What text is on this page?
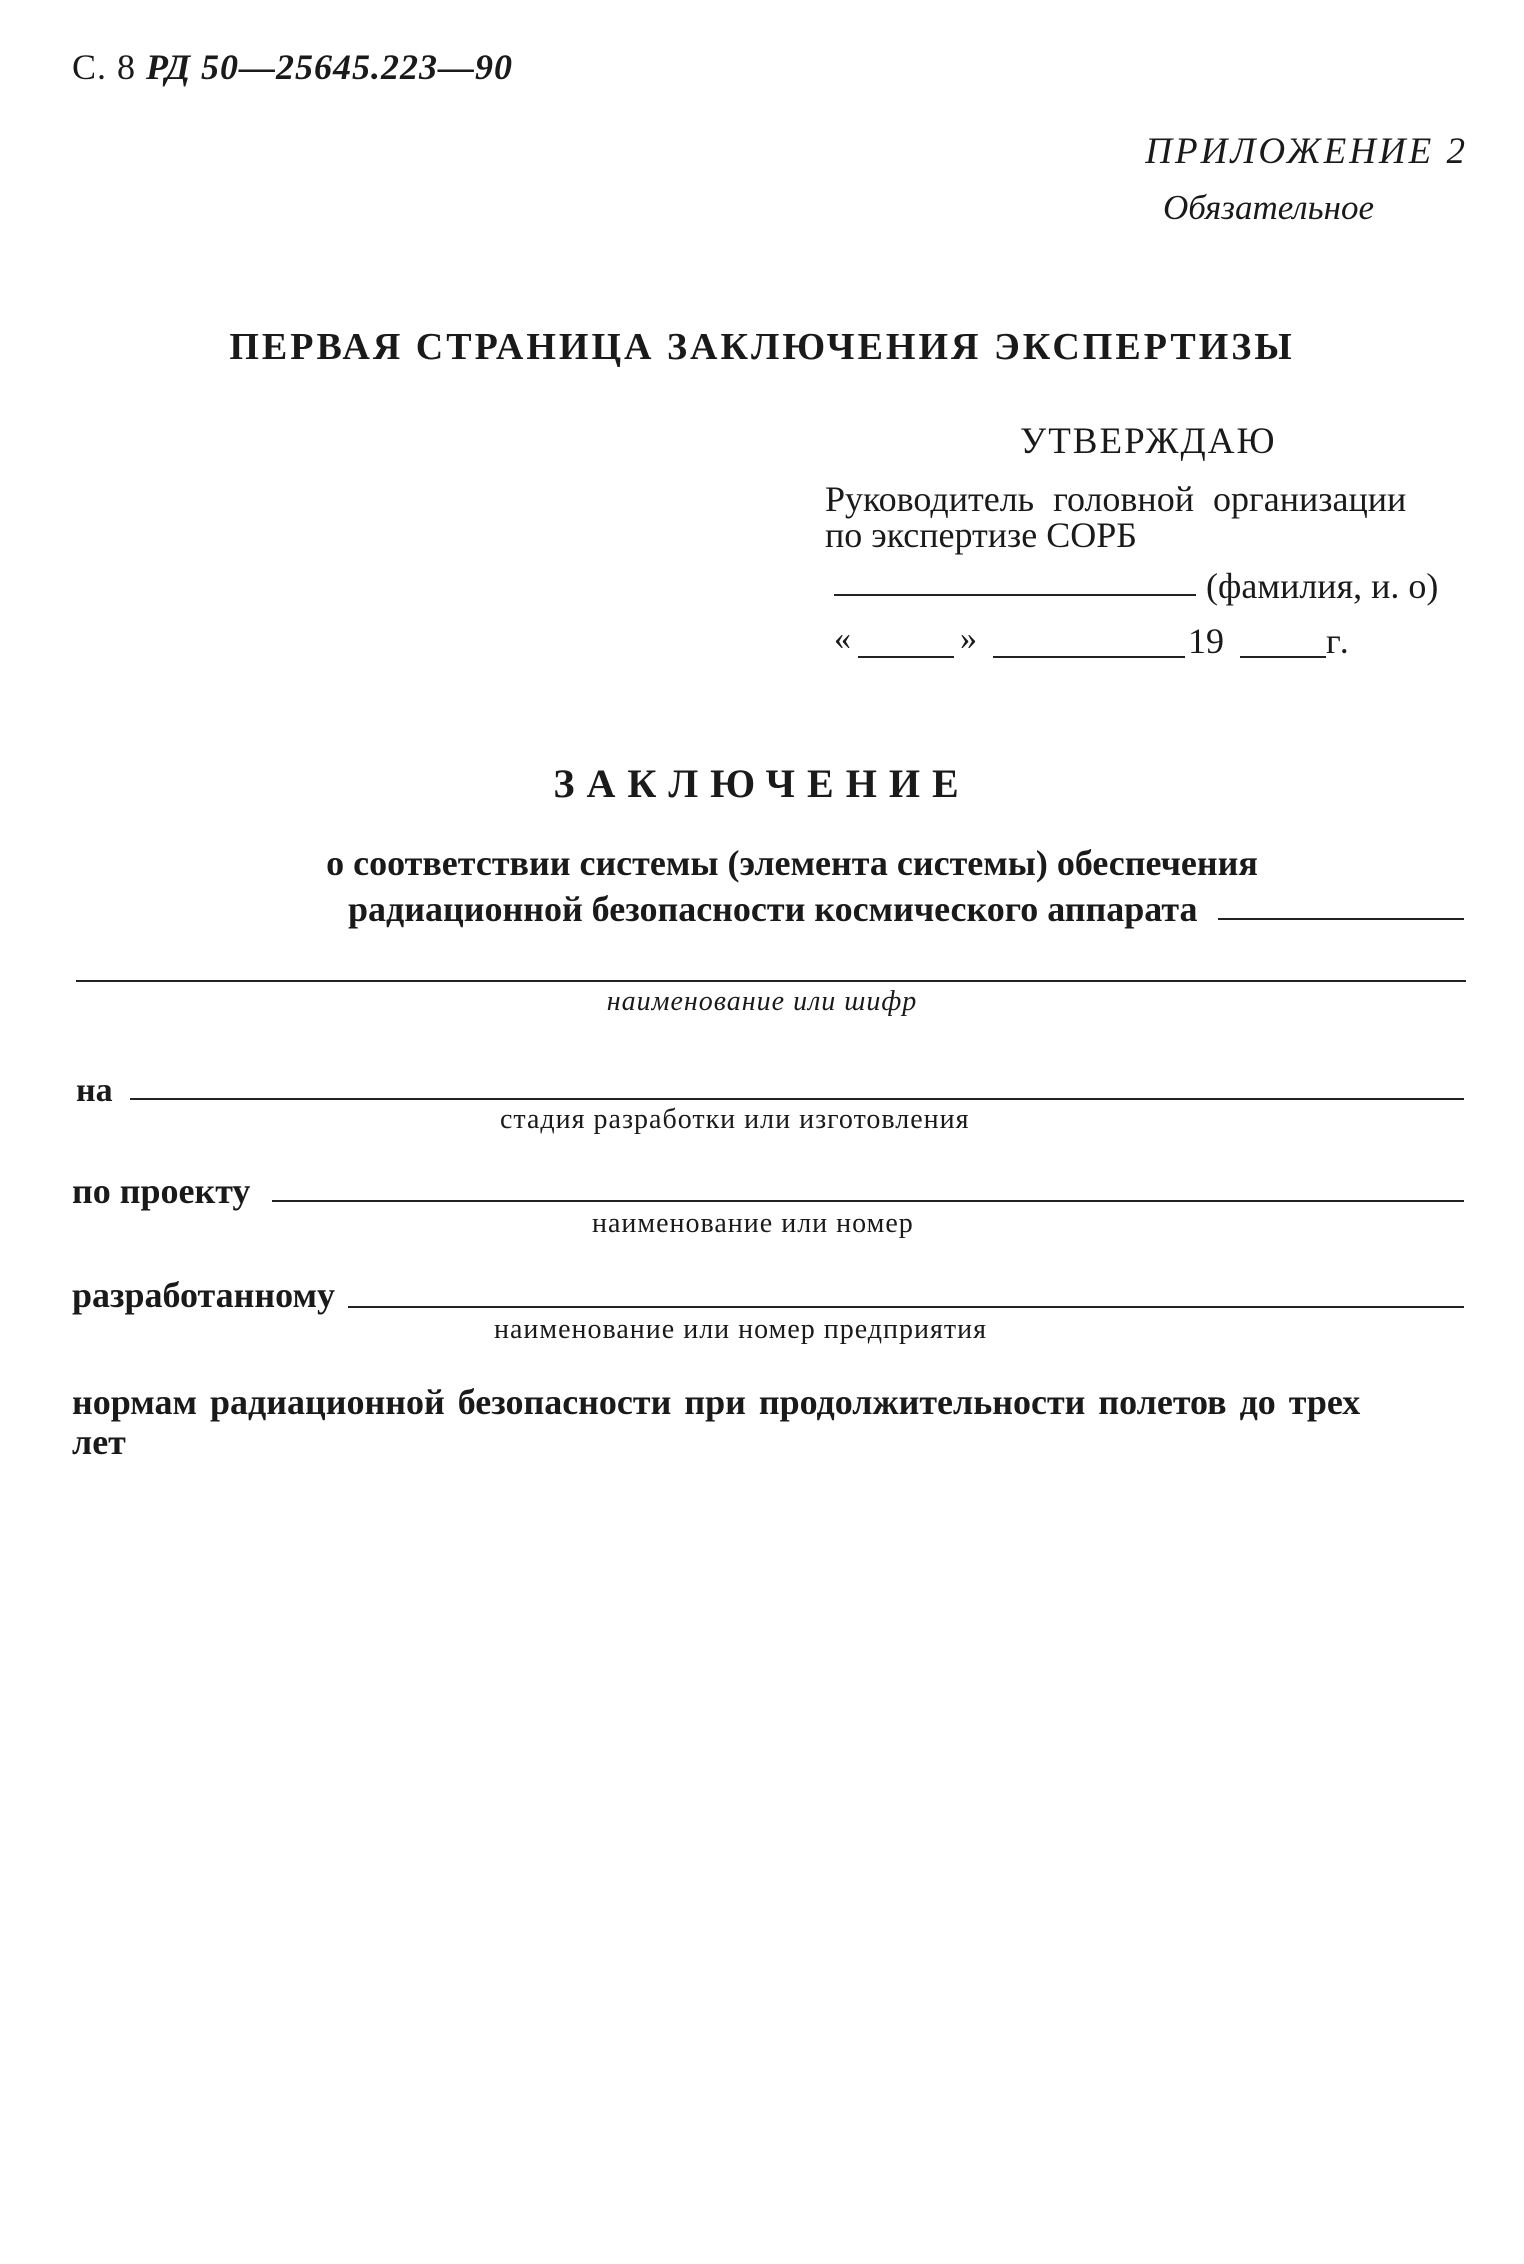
С. 8 РД 50—25645.223—90
ПРИЛОЖЕНИЕ 2
Обязательное
ПЕРВАЯ СТРАНИЦА ЗАКЛЮЧЕНИЯ ЭКСПЕРТИЗЫ
УТВЕРЖДАЮ
Руководитель головной организации
по экспертизе СОРБ
(фамилия, и. о)
«	»	19	г.
ЗАКЛЮЧЕНИЕ
о соответствии системы (элемента системы) обеспечения
радиационной безопасности космического аппарата
наименование или шифр
на
стадия разработки или изготовления
по проекту
наименование или номер
разработанному
наименование или номер предприятия
нормам радиационной безопасности при продолжительности полетов до трех лет
